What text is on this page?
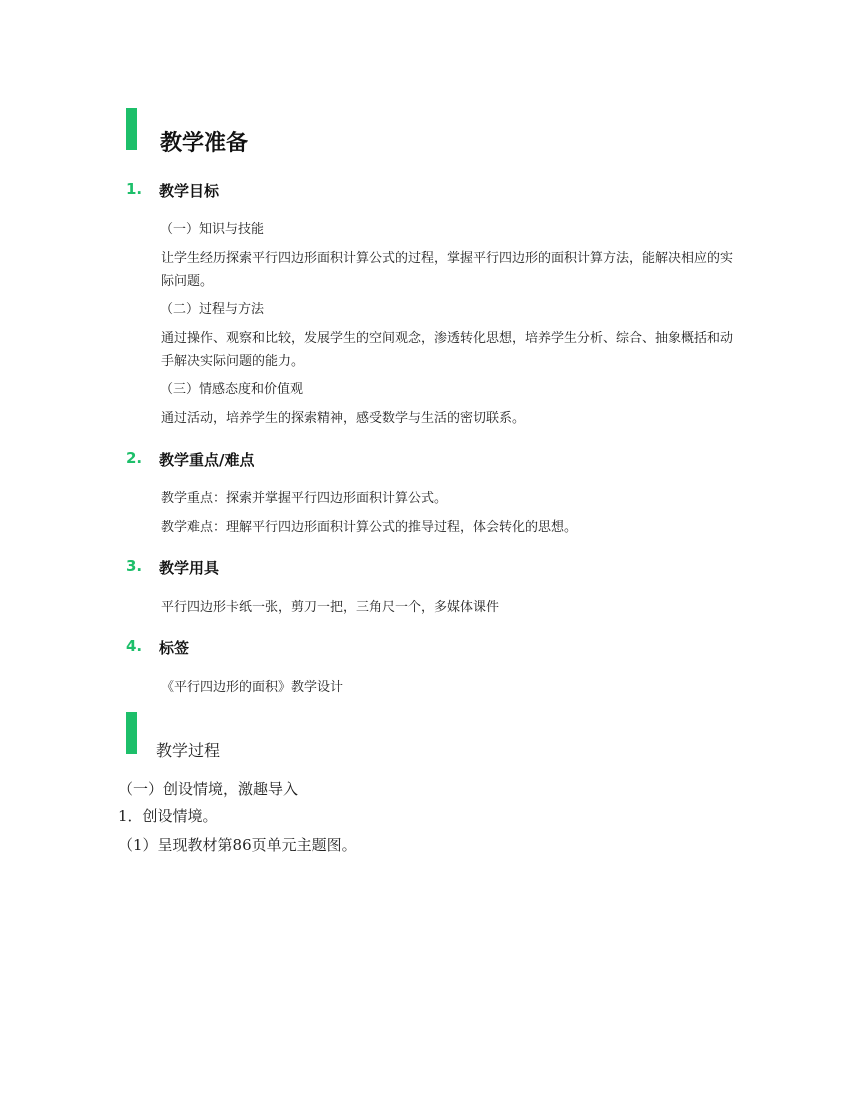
教学准备
1. 教学目标
（一）知识与技能
让学生经历探索平行四边形面积计算公式的过程，掌握平行四边形的面积计算方法，能解决相应的实际问题。
（二）过程与方法
通过操作、观察和比较，发展学生的空间观念，渗透转化思想，培养学生分析、综合、抽象概括和动手解决实际问题的能力。
（三）情感态度和价值观
通过活动，培养学生的探索精神，感受数学与生活的密切联系。
2. 教学重点/难点
教学重点：探索并掌握平行四边形面积计算公式。
教学难点：理解平行四边形面积计算公式的推导过程，体会转化的思想。
3. 教学用具
平行四边形卡纸一张，剪刀一把，三角尺一个，多媒体课件
4. 标签
《平行四边形的面积》教学设计
教学过程
（一）创设情境，激趣导入
1．创设情境。
（1）呈现教材第86页单元主题图。
